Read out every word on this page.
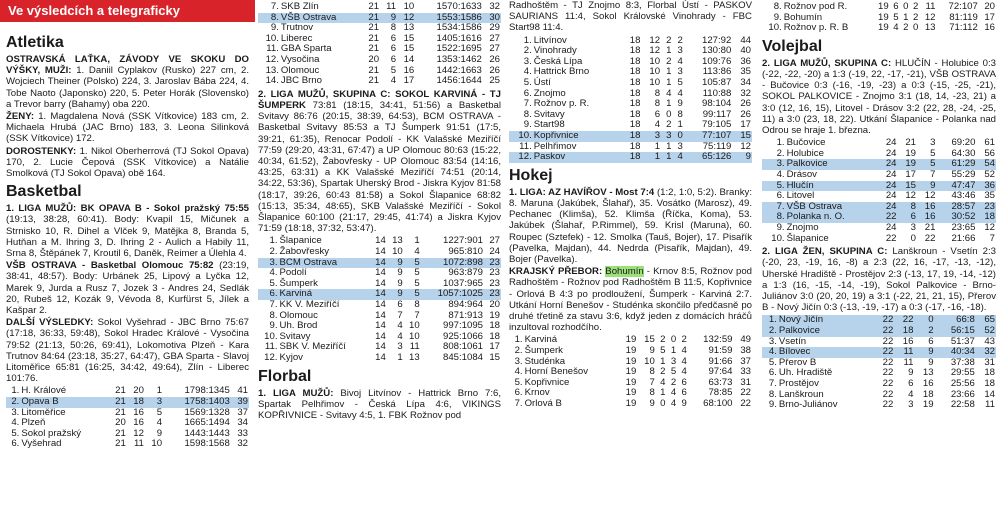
Ve výsledcích a telegraficky
Atletika

OSTRAVSKÁ LAŤKA, ZÁVODY VE SKOKU DO VÝŠKY, MUŽI: 1. Daniil Cyplakov (Rusko) 227 cm, 2. Wojciech Theiner (Polsko) 224, 3. Jaroslav Bába 224, 4. Tobe Naoto (Japonsko) 220, 5. Peter Horák (Slovensko) a Trevor barry (Bahamy) oba 220.

ŽENY: 1. Magdalena Nová (SSK Vítkovice) 183 cm, 2. Michaela Hrubá (JAC Brno) 183, 3. Leona Silinková (SSK Vítkovice) 172.

DOROSTENKY: 1. Nikol Oberherrová (TJ Sokol Opava) 170, 2. Lucie Čepová (SSK Vítkovice) a Natálie Smolková (TJ Sokol Opava) obě 164.

Basketbal

1. LIGA MUŽŮ: BK OPAVA B - Sokol pražský 75:55 (19:13, 38:28, 60:41). Body: Kvapil 15, Mičunek a Strnisko 10, R. Dihel a Vlček 9, Matějka 8, Branda 5, Hutňan a M. Ihring 3, D. Ihring 2 - Aulich a Habily 11, Srna 8, Štěpánek 7, Kroutil 6, Daněk, Reimer a Úlehla 4.

VŠB OSTRAVA - Basketbal Olomouc 75:82 (23:19, 38:41, 48:57). Body: Urbánek 25, Lipový a Lyčka 12, Marek 9, Jurda a Rusz 7, Jozek 3 - Andres 24, Sedlák 20, Rubeš 12, Kozák 9, Vévoda 8, Kurfürst 5, Jílek a Kašpar 2.

DALŠÍ VÝSLEDKY: Sokol Vyšehrad - JBC Brno 75:67 (17:18, 36:33, 59:48), Sokol Hradec Králové - Vysočina 79:52 (21:13, 50:26, 69:41), Lokomotiva Plzeň - Kara Trutnov 84:64 (23:18, 35:27, 64:47), GBA Sparta - Slavoj Litoměřice 65:81 (16:25, 34:42, 49:64), Zlín - Liberec 101:76.

1.	H. Králové	21	20	1	1798:1345	41
2.	Opava B	21	18	3	1758:1403	39
3.	Litoměřice	21	16	5	1569:1328	37
4.	Plzeň	20	16	4	1665:1494	34
5.	Sokol pražský	21	12	9	1443:1443	33
6.	Vyšehrad	21	11	10	1598:1568	32
7.	SKB Zlín	21	11	10	1570:1633	32
8.	VŠB Ostrava	21	9	12	1553:1586	30
9.	Trutnov	21	8	13	1534:1586	29
10.	Liberec	21	6	15	1405:1616	27
11.	GBA Sparta	21	6	15	1522:1695	27
12.	Vysočina	20	6	14	1353:1462	26
13.	Olomouc	21	5	16	1442:1663	26
14.	JBC Brno	21	4	17	1456:1644	25

2. LIGA MUŽŮ, SKUPINA C: SOKOL KARVINÁ - TJ ŠUMPERK 73:81 (18:15, 34:41, 51:56) a Basketbal Svitavy 86:76 (20:15, 38:39, 64:53), BCM OSTRAVA - Basketbal Svitavy 85:53 a TJ Šumperk 91:51 (17:5, 39:21, 61:35), Renocar Podolí - KK Valašské Meziříčí 77:59 (29:20, 43:31, 67:47) a UP Olomouc 80:63 (15:22, 40:34, 61:52), Žabovřesky - UP Olomouc 83:54 (14:16, 43:25, 63:31) a KK Valašské Meziříčí 74:51 (20:14, 34:22, 53:36), Spartak Uherský Brod - Jiskra Kyjov 81:58 (18:17, 39:26, 60:43 81:58) a Sokol Šlapanice 68:82 (15:13, 35:34, 48:65), SKB Valašské Meziříčí - Sokol Šlapanice 60:100 (21:17, 29:45, 41:74) a Jiskra Kyjov 71:59 (18:18, 37:32, 53:47).

1.	Šlapanice	14	13	1	1227:901	27
2.	Žabovřesky	14	10	4	965:810	24
3.	BCM Ostrava	14	9	5	1072:898	23
4.	Podolí	14	9	5	963:879	23
5.	Šumperk	14	9	5	1037:965	23
6.	Karviná	14	9	5	1057:1025	23
7.	KK V. Meziříčí	14	6	8	894:964	20
8.	Olomouc	14	7	7	871:913	19
9.	Uh. Brod	14	4	10	997:1095	18
10.	Svitavy	14	4	10	925:1066	18
11.	SBK V. Meziříčí	14	3	11	808:1061	17
12.	Kyjov	14	1	13	845:1084	15
Florbal

1. LIGA MUŽŮ: Bivoj Litvínov - Hattrick Brno 7:6, Spartak Pelhřimov - Česká Lípa 4:6, VIKINGS KOPŘIVNICE - Svitavy 4:5, 1. FBK Rožnov pod

Radhoštěm - TJ Znojmo 8:3, Florbal Ústí - PASKOV SAURIANS 11:4, Sokol Královské Vinohrady - FBC Start98 11:4.

1.	Litvínov	18	12	2	2	127:92	44
2.	Vinohrady	18	12	1	3	130:80	40
3.	Česká Lípa	18	10	2	4	109:76	36
4.	Hattrick Brno	18	10	1	3	113:86	35
5.	Ústí	18	10	1	5	105:87	34
6.	Znojmo	18	8	4	4	110:88	32
7.	Rožnov p. R.	18	8	1	9	98:104	26
8.	Svitavy	18	6	0	8	99:117	26
9.	Start98	18	4	2	1	79:105	17
10.	Kopřivnice	18	3	3	0	77:107	15
11.	Pelhřimov	18	1	1	3	75:119	12
12.	Paskov	18	1	1	4	65:126	9
Hokej

1. LIGA: AZ HAVÍŘOV - Most 7:4 (1:2, 1:0, 5:2). Branky: 8. Maruna (Jakúbek, Šlahař), 35. Vosátko (Marosz), 49. Pechanec (Klimša), 52. Klimša (Říčka, Koma), 53. Jakúbek (Šlahař, P.Rimmel), 59. Krisl (Maruna), 60. Roupec (Sztefek) - 12. Smolka (Tauš, Bojer), 17. Pisařík (Pavelka, Majdan), 44. Nedrda (Pisařík, Majdan), 49. Bojer (Pavelka).

KRAJSKÝ PŘEBOR: Bohumín - Krnov 8:5, Rožnov pod Radhoštěm - Rožnov pod Radhoštěm B 11:5, Kopřivnice - Orlová B 4:3 po prodloužení, Šumperk - Karviná 2:7. Utkání Horní Benešov - Studénka skončilo předčasně po druhé třetině za stavu 3:6, když jeden z domácích hráčů inzultoval rozhodčího.

1.	Karviná	19	15	2	0	2	132:59	49
2.	Šumperk	19	9	5	1	4	91:59	38
3.	Studénka	19	10	1	3	4	91:66	37
4.	Horní Benešov	19	8	2	5	4	97:64	33
5.	Kopřivnice	19	7	4	2	6	63:73	31
6.	Krnov	19	8	1	4	6	78:85	22
7.	Orlová B	19	9	0	4	9	68:100	22
8.	Rožnov pod R.	19	6	0	2	11	72:107	20
9.	Bohumín	19	5	1	2	12	81:119	17
10.	Rožnov p. R. B	19	4	2	0	13	71:112	16
Volejbal

2. LIGA MUŽŮ, SKUPINA C: HLUČÍN - Holubice 0:3 (-22, -22, -20) a 1:3 (-19, 22, -17, -21), VŠB OSTRAVA - Bučovice 0:3 (-16, -19, -23) a 0:3 (-15, -25, -21), SOKOL PALKOVICE - Znojmo 3:1 (18, 14, -23, 21) a 3:0 (12, 16, 15), Litovel - Drásov 3:2 (22, 28, -24, -25, 11) a 3:0 (23, 18, 22). Utkání Šlapanice - Polanka nad Odrou se hraje 1. března.

1.	Bučovice	24	21	3	69:20	61
2.	Holubice	24	19	5	64:30	56
3.	Palkovice	24	19	5	61:29	54
4.	Drásov	24	17	7	55:29	52
5.	Hlučín	24	15	9	47:47	36
6.	Litovel	24	12	12	43:46	35
7.	VŠB Ostrava	24	8	16	28:57	23
8.	Polanka n. O.	22	6	16	30:52	18
9.	Znojmo	24	3	21	23:65	12
10.	Šlapanice	22	0	22	21:66	7

2. LIGA ŽEN, SKUPINA C: Lanškroun - Vsetín 2:3 (-20, 23, -19, 16, -8) a 2:3 (22, 16, -17, -13, -12), Uherské Hradiště - Prostějov 2:3 (-13, 17, 19, -14, -12) a 1:3 (16, -15, -14, -19), Sokol Palkovice - Brno-Juliánov 3:0 (20, 20, 19) a 3:1 (-22, 21, 21, 15), Přerov B - Nový Jičín 0:3 (-13, -19, -17) a 0:3 (-17, -16, -18).

1.	Nový Jičín	22	22	0	66:8	65
2.	Palkovice	22	18	2	56:15	52
3.	Vsetín	22	16	6	51:37	43
4.	Bílovec	22	11	9	40:34	32
5.	Přerov B	22	11	9	37:38	31
6.	Uh. Hradiště	22	9	13	29:55	18
7.	Prostějov	22	6	16	25:56	18
8.	Lanškroun	22	4	18	23:66	14
9.	Brno-Juliánov	22	3	19	22:58	11
